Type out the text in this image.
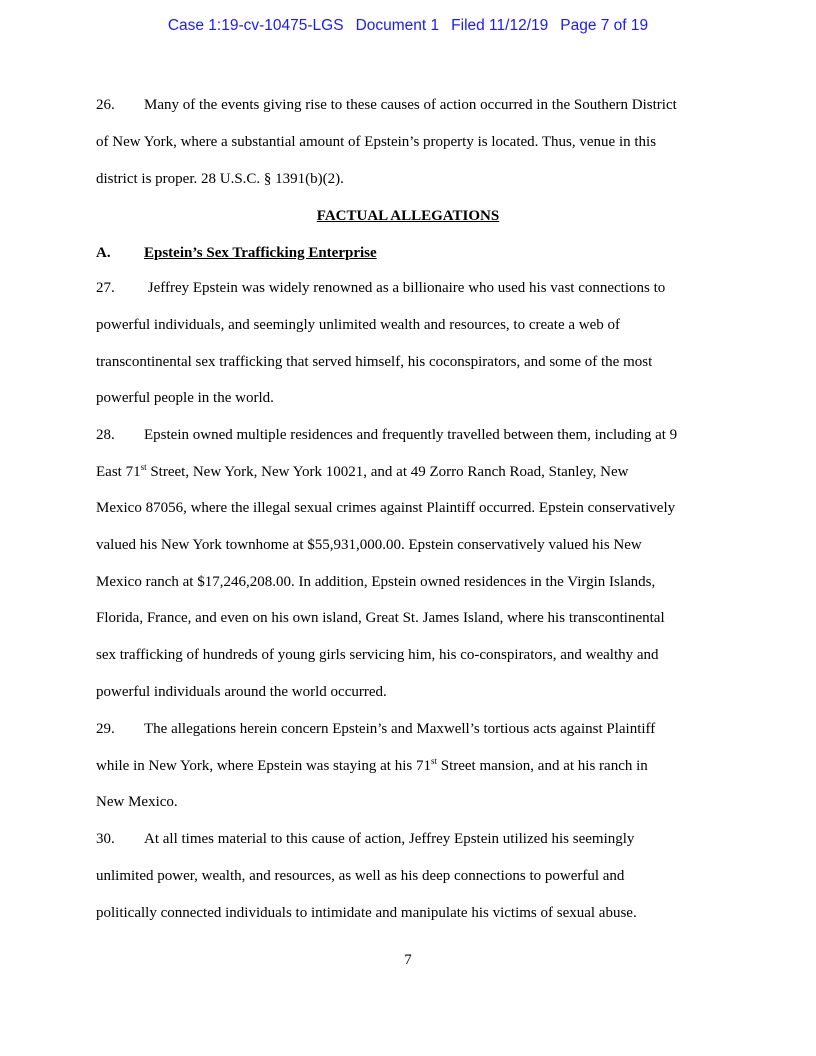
Case 1:19-cv-10475-LGS Document 1 Filed 11/12/19 Page 7 of 19
26. Many of the events giving rise to these causes of action occurred in the Southern District
of New York, where a substantial amount of Epstein’s property is located. Thus, venue in this
district is proper. 28 U.S.C. § 1391(b)(2).
FACTUAL ALLEGATIONS
A. Epstein’s Sex Trafficking Enterprise
27. Jeffrey Epstein was widely renowned as a billionaire who used his vast connections to
powerful individuals, and seemingly unlimited wealth and resources, to create a web of
transcontinental sex trafficking that served himself, his coconspirators, and some of the most
powerful people in the world.
28. Epstein owned multiple residences and frequently travelled between them, including at 9
East 71st Street, New York, New York 10021, and at 49 Zorro Ranch Road, Stanley, New
Mexico 87056, where the illegal sexual crimes against Plaintiff occurred. Epstein conservatively
valued his New York townhome at $55,931,000.00. Epstein conservatively valued his New
Mexico ranch at $17,246,208.00. In addition, Epstein owned residences in the Virgin Islands,
Florida, France, and even on his own island, Great St. James Island, where his transcontinental
sex trafficking of hundreds of young girls servicing him, his co-conspirators, and wealthy and
powerful individuals around the world occurred.
29. The allegations herein concern Epstein’s and Maxwell’s tortious acts against Plaintiff
while in New York, where Epstein was staying at his 71st Street mansion, and at his ranch in
New Mexico.
30. At all times material to this cause of action, Jeffrey Epstein utilized his seemingly
unlimited power, wealth, and resources, as well as his deep connections to powerful and
politically connected individuals to intimidate and manipulate his victims of sexual abuse.
7
